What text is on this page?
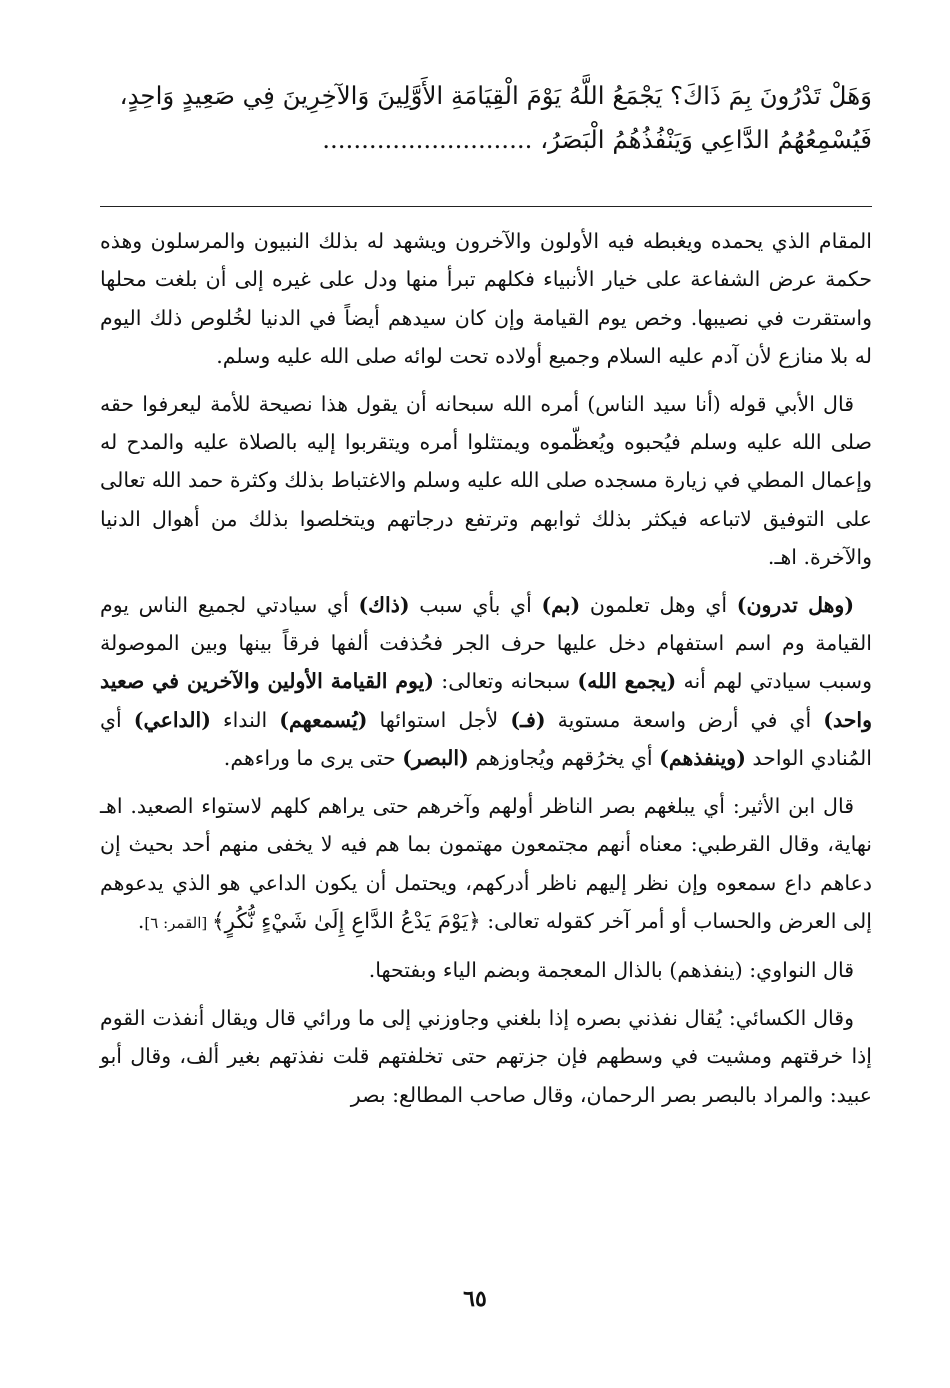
وَهَلْ تَدْرُونَ بِمَ ذَاكَ؟ يَجْمَعُ اللَّهُ يَوْمَ الْقِيَامَةِ الأَوَّلِينَ وَالآخِرِينَ فِي صَعِيدٍ وَاحِدٍ،
فَيُسْمِعُهُمُ الدَّاعِي وَيَنْفُذُهُمُ الْبَصَرُ، ...........................

المقام الذي يحمده ويغبطه فيه الأولون والآخرون ويشهد له بذلك النبيون والمرسلون وهذه حكمة عرض الشفاعة على خيار الأنبياء فكلهم تبرأ منها ودل على غيره إلى أن بلغت محلها واستقرت في نصيبها. وخص يوم القيامة وإن كان سيدهم أيضاً في الدنيا لخُلوص ذلك اليوم له بلا منازع لأن آدم عليه السلام وجميع أولاده تحت لوائه صلى الله عليه وسلم.

قال الأبي قوله (أنا سيد الناس) أمره الله سبحانه أن يقول هذا نصيحة للأمة ليعرفوا حقه صلى الله عليه وسلم فيُحبوه ويُعظّموه ويمتثلوا أمره ويتقربوا إليه بالصلاة عليه والمدح له وإعمال المطي في زيارة مسجده صلى الله عليه وسلم والاغتباط بذلك وكثرة حمد الله تعالى على التوفيق لاتباعه فيكثر بذلك ثوابهم وترتفع درجاتهم ويتخلصوا بذلك من أهوال الدنيا والآخرة. اهـ.

(وهل تدرون) أي وهل تعلمون (بم) أي بأي سبب (ذاك) أي سيادتي لجميع الناس يوم القيامة وم اسم استفهام دخل عليها حرف الجر فحُذفت ألفها فرقاً بينها وبين الموصولة وسبب سيادتي لهم أنه (يجمع الله) سبحانه وتعالى: (يوم القيامة الأولين والآخرين في صعيد واحد) أي في أرض واسعة مستوية (فـ) لأجل استوائها (يُسمعهم) النداء (الداعي) أي المُنادي الواحد (وينفذهم) أي يخرُقهم ويُجاوزهم (البصر) حتى يرى ما وراءهم.

قال ابن الأثير: أي يبلغهم بصر الناظر أولهم وآخرهم حتى يراهم كلهم لاستواء الصعيد. اهـ نهاية، وقال القرطبي: معناه أنهم مجتمعون مهتمون بما هم فيه لا يخفى منهم أحد بحيث إن دعاهم داع سمعوه وإن نظر إليهم ناظر أدركهم، ويحتمل أن يكون الداعي هو الذي يدعوهم إلى العرض والحساب أو أمر آخر كقوله تعالى: ﴿يَوْمَ يَدْعُ الدَّاعِ إِلَىٰ شَيْءٍ نُّكُرٍ﴾ [القمر: ٦].

قال النواوي: (ينفذهم) بالذال المعجمة وبضم الياء وبفتحها.

وقال الكسائي: يُقال نفذني بصره إذا بلغني وجاوزني إلى ما ورائي قال ويقال أنفذت القوم إذا خرقتهم ومشيت في وسطهم فإن جزتهم حتى تخلفتهم قلت نفذتهم بغير ألف، وقال أبو عبيد: والمراد بالبصر بصر الرحمان، وقال صاحب المطالع: بصر

٦٥
